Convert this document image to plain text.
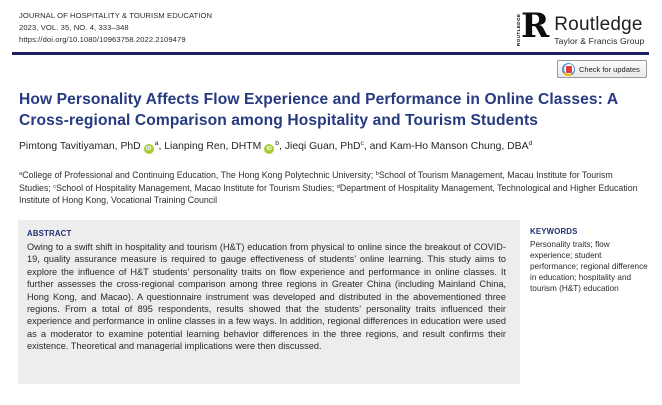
JOURNAL OF HOSPITALITY & TOURISM EDUCATION
2023, VOL. 35, NO. 4, 333–348
https://doi.org/10.1080/10963758.2022.2109479	ROUTLEDGE R Routledge
Taylor & Francis Group
Check for updates
How Personality Affects Flow Experience and Performance in Online Classes: A
Cross-regional Comparison among Hospitality and Tourism Students
Pimtong Tavitiyaman, PhD $iD^a$, Lianping Ren, DHTM $iD^b$, Jieqi Guan, PhD$^c$, and Kam-Ho Manson Chung, DBA$^d$

$^a$College of Professional and Continuing Education, The Hong Kong Polytechnic University; $^b$School of Tourism Management, Macau Institute for Tourism Studies; $^c$School of Hospitality Management, Macao Institute for Tourism Studies; $^d$Department of Hospitality Management, Technological and Higher Education Institute of Hong Kong, Vocational Training Council

ABSTRACT

Owing to a swift shift in hospitality and tourism (H&T) education from physical to online since the breakout of COVID-19, quality assurance measure is required to gauge effectiveness of students’ online learning. This study aims to explore the influence of H&T students’ personality traits on flow experience and performance in online classes. It further assesses the cross-regional comparison among three regions in Greater China (including Mainland China, Hong Kong, and Macao). A questionnaire instrument was developed and distributed in the abovementioned three regions. From a total of 895 respondents, results showed that the students’ personality traits influenced their experience and performance in online classes in a few ways. In addition, regional differences in education were used as a moderator to examine potential learning behavior differences in the three regions, and result confirms their existence. Theoretical and managerial implications were then discussed.

KEYWORDS

Personality traits; flow experience; student performance; regional difference in education; hospitality and tourism (H&T) education
